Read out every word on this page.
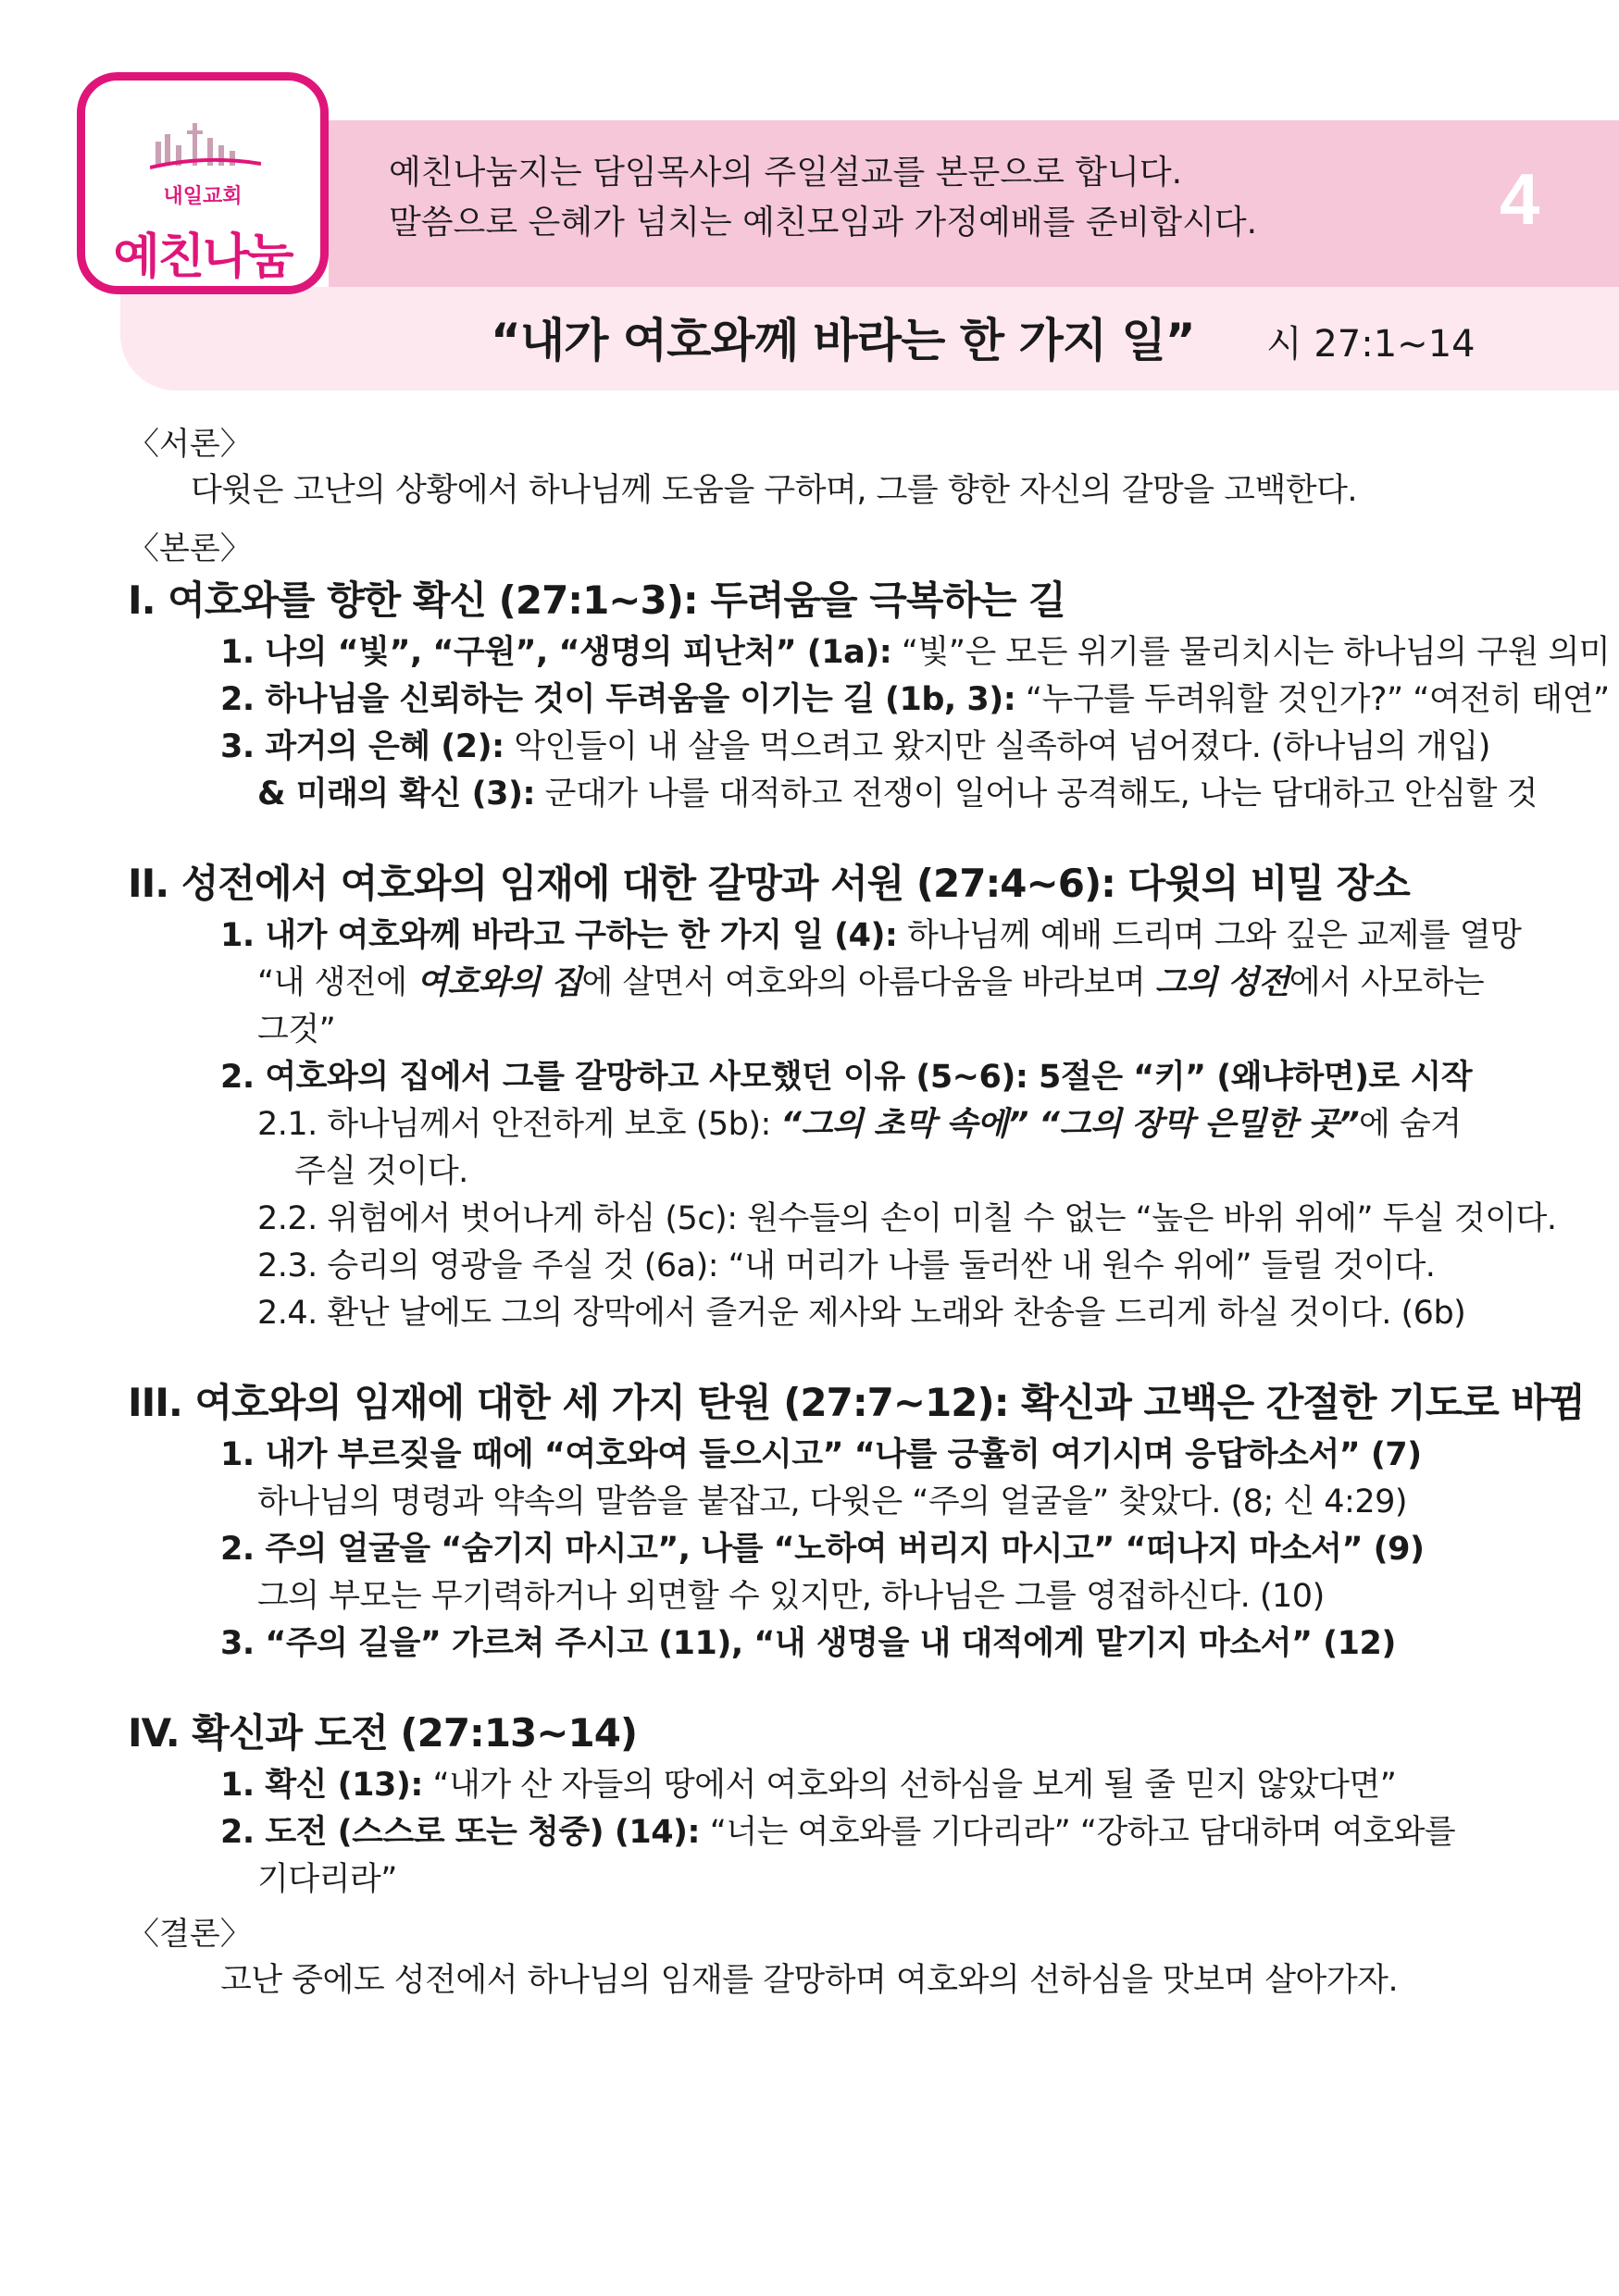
내일교회
예친나눔
예친나눔지는 담임목사의 주일설교를 본문으로 합니다.
말씀으로 은혜가 넘치는 예친모임과 가정예배를 준비합시다.	4
“내가 여호와께 바라는 한 가지 일” 시 27:1~14
〈서론〉
다윗은 고난의 상황에서 하나님께 도움을 구하며, 그를 향한 자신의 갈망을 고백한다.
〈본론〉
I. 여호와를 향한 확신 (27:1~3): 두려움을 극복하는 길
1. 나의 “빛”, “구원”, “생명의 피난처” (1a): “빛”은 모든 위기를 물리치시는 하나님의 구원 의미
2. 하나님을 신뢰하는 것이 두려움을 이기는 길 (1b, 3): “누구를 두려워할 것인가?” “여전히 태연”
3. 과거의 은혜 (2): 악인들이 내 살을 먹으려고 왔지만 실족하여 넘어졌다. (하나님의 개입)
& 미래의 확신 (3): 군대가 나를 대적하고 전쟁이 일어나 공격해도, 나는 담대하고 안심할 것
II. 성전에서 여호와의 임재에 대한 갈망과 서원 (27:4~6): 다윗의 비밀 장소
1. 내가 여호와께 바라고 구하는 한 가지 일 (4): 하나님께 예배 드리며 그와 깊은 교제를 열망
“내 생전에 여호와의 집에 살면서 여호와의 아름다움을 바라보며 그의 성전에서 사모하는
그것”
2. 여호와의 집에서 그를 갈망하고 사모했던 이유 (5~6): 5절은 “키” (왜냐하면)로 시작
2.1. 하나님께서 안전하게 보호 (5b): “그의 초막 속에” “그의 장막 은밀한 곳”에 숨겨
주실 것이다.
2.2. 위험에서 벗어나게 하심 (5c): 원수들의 손이 미칠 수 없는 “높은 바위 위에” 두실 것이다.
2.3. 승리의 영광을 주실 것 (6a): “내 머리가 나를 둘러싼 내 원수 위에” 들릴 것이다.
2.4. 환난 날에도 그의 장막에서 즐거운 제사와 노래와 찬송을 드리게 하실 것이다. (6b)
III. 여호와의 임재에 대한 세 가지 탄원 (27:7~12): 확신과 고백은 간절한 기도로 바뀜
1. 내가 부르짖을 때에 “여호와여 들으시고” “나를 긍휼히 여기시며 응답하소서” (7)
하나님의 명령과 약속의 말씀을 붙잡고, 다윗은 “주의 얼굴을” 찾았다. (8; 신 4:29)
2. 주의 얼굴을 “숨기지 마시고”, 나를 “노하여 버리지 마시고” “떠나지 마소서” (9)
그의 부모는 무기력하거나 외면할 수 있지만, 하나님은 그를 영접하신다. (10)
3. “주의 길을” 가르쳐 주시고 (11), “내 생명을 내 대적에게 맡기지 마소서” (12)
IV. 확신과 도전 (27:13~14)
1. 확신 (13): “내가 산 자들의 땅에서 여호와의 선하심을 보게 될 줄 믿지 않았다면”
2. 도전 (스스로 또는 청중) (14): “너는 여호와를 기다리라” “강하고 담대하며 여호와를
기다리라”
〈결론〉
고난 중에도 성전에서 하나님의 임재를 갈망하며 여호와의 선하심을 맛보며 살아가자.
